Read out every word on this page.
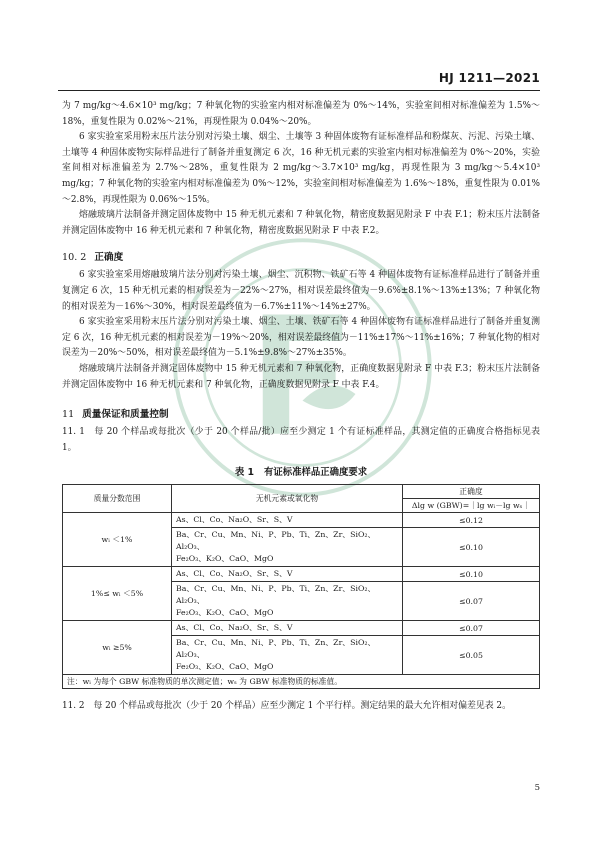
HJ 1211—2021

为 7 mg/kg～4.6×10³ mg/kg；7 种氧化物的实验室内相对标准偏差为 0%～14%，实验室间相对标准偏差为 1.5%～18%，重复性限为 0.02%～21%，再现性限为 0.04%～20%。

6 家实验室采用粉末压片法分别对污染土壤、烟尘、土壤等 3 种固体废物有证标准样品和粉煤灰、污泥、污染土壤、土壤等 4 种固体废物实际样品进行了制备并重复测定 6 次，16 种无机元素的实验室内相对标准偏差为 0%～20%，实验室间相对标准偏差为 2.7%～28%，重复性限为 2 mg/kg～3.7×10³ mg/kg，再现性限为 3 mg/kg～5.4×10³ mg/kg；7 种氧化物的实验室内相对标准偏差为 0%～12%，实验室间相对标准偏差为 1.6%～18%，重复性限为 0.01%～2.8%，再现性限为 0.06%～15%。

熔融玻璃片法制备并测定固体废物中 15 种无机元素和 7 种氧化物，精密度数据见附录 F 中表 F.1；粉末压片法制备并测定固体废物中 16 种无机元素和 7 种氧化物，精密度数据见附录 F 中表 F.2。

10. 2 正确度

6 家实验室采用熔融玻璃片法分别对污染土壤、烟尘、沉积物、铁矿石等 4 种固体废物有证标准样品进行了制备并重复测定 6 次，15 种无机元素的相对误差为－22%～27%，相对误差最终值为－9.6%±8.1%～13%±13%；7 种氧化物的相对误差为－16%～30%，相对误差最终值为－6.7%±11%～14%±27%。

6 家实验室采用粉末压片法分别对污染土壤、烟尘、土壤、铁矿石等 4 种固体废物有证标准样品进行了制备并重复测定 6 次，16 种无机元素的相对误差为－19%～20%，相对误差最终值为－11%±17%～11%±16%；7 种氧化物的相对误差为－20%～50%，相对误差最终值为－5.1%±9.8%～27%±35%。

熔融玻璃片法制备并测定固体废物中 15 种无机元素和 7 种氧化物，正确度数据见附录 F 中表 F.3；粉末压片法制备并测定固体废物中 16 种无机元素和 7 种氧化物，正确度数据见附录 F 中表 F.4。

11 质量保证和质量控制

11. 1　每 20 个样品或每批次（少于 20 个样品/批）应至少测定 1 个有证标准样品，其测定值的正确度合格指标见表 1。

表 1 有证标准样品正确度要求
质量分数范围	无机元素或氧化物	正确度
		Δlg w (GBW)=｜lg wᵢ－lg wₛ｜
wᵢ ＜1%	As、Cl、Co、Na₂O、Sr、S、V	≤0.12

	Ba、Cr、Cu、Mn、Ni、P、Pb、Ti、Zn、Zr、SiO₂、Al₂O₃、
Fe₂O₃、K₂O、CaO、MgO	≤0.10
1%≤ wᵢ ＜5%	As、Cl、Co、Na₂O、Sr、S、V	≤0.10

	Ba、Cr、Cu、Mn、Ni、P、Pb、Ti、Zn、Zr、SiO₂、Al₂O₃、
Fe₂O₃、K₂O、CaO、MgO	≤0.07
wᵢ ≥5%	As、Cl、Co、Na₂O、Sr、S、V	≤0.07

	Ba、Cr、Cu、Mn、Ni、P、Pb、Ti、Zn、Zr、SiO₂、Al₂O₃、
Fe₂O₃、K₂O、CaO、MgO	≤0.05
注：wᵢ 为每个 GBW 标准物质的单次测定值；wₛ 为 GBW 标准物质的标准值。		

11. 2　每 20 个样品或每批次（少于 20 个样品）应至少测定 1 个平行样。测定结果的最大允许相对偏差见表 2。

5
